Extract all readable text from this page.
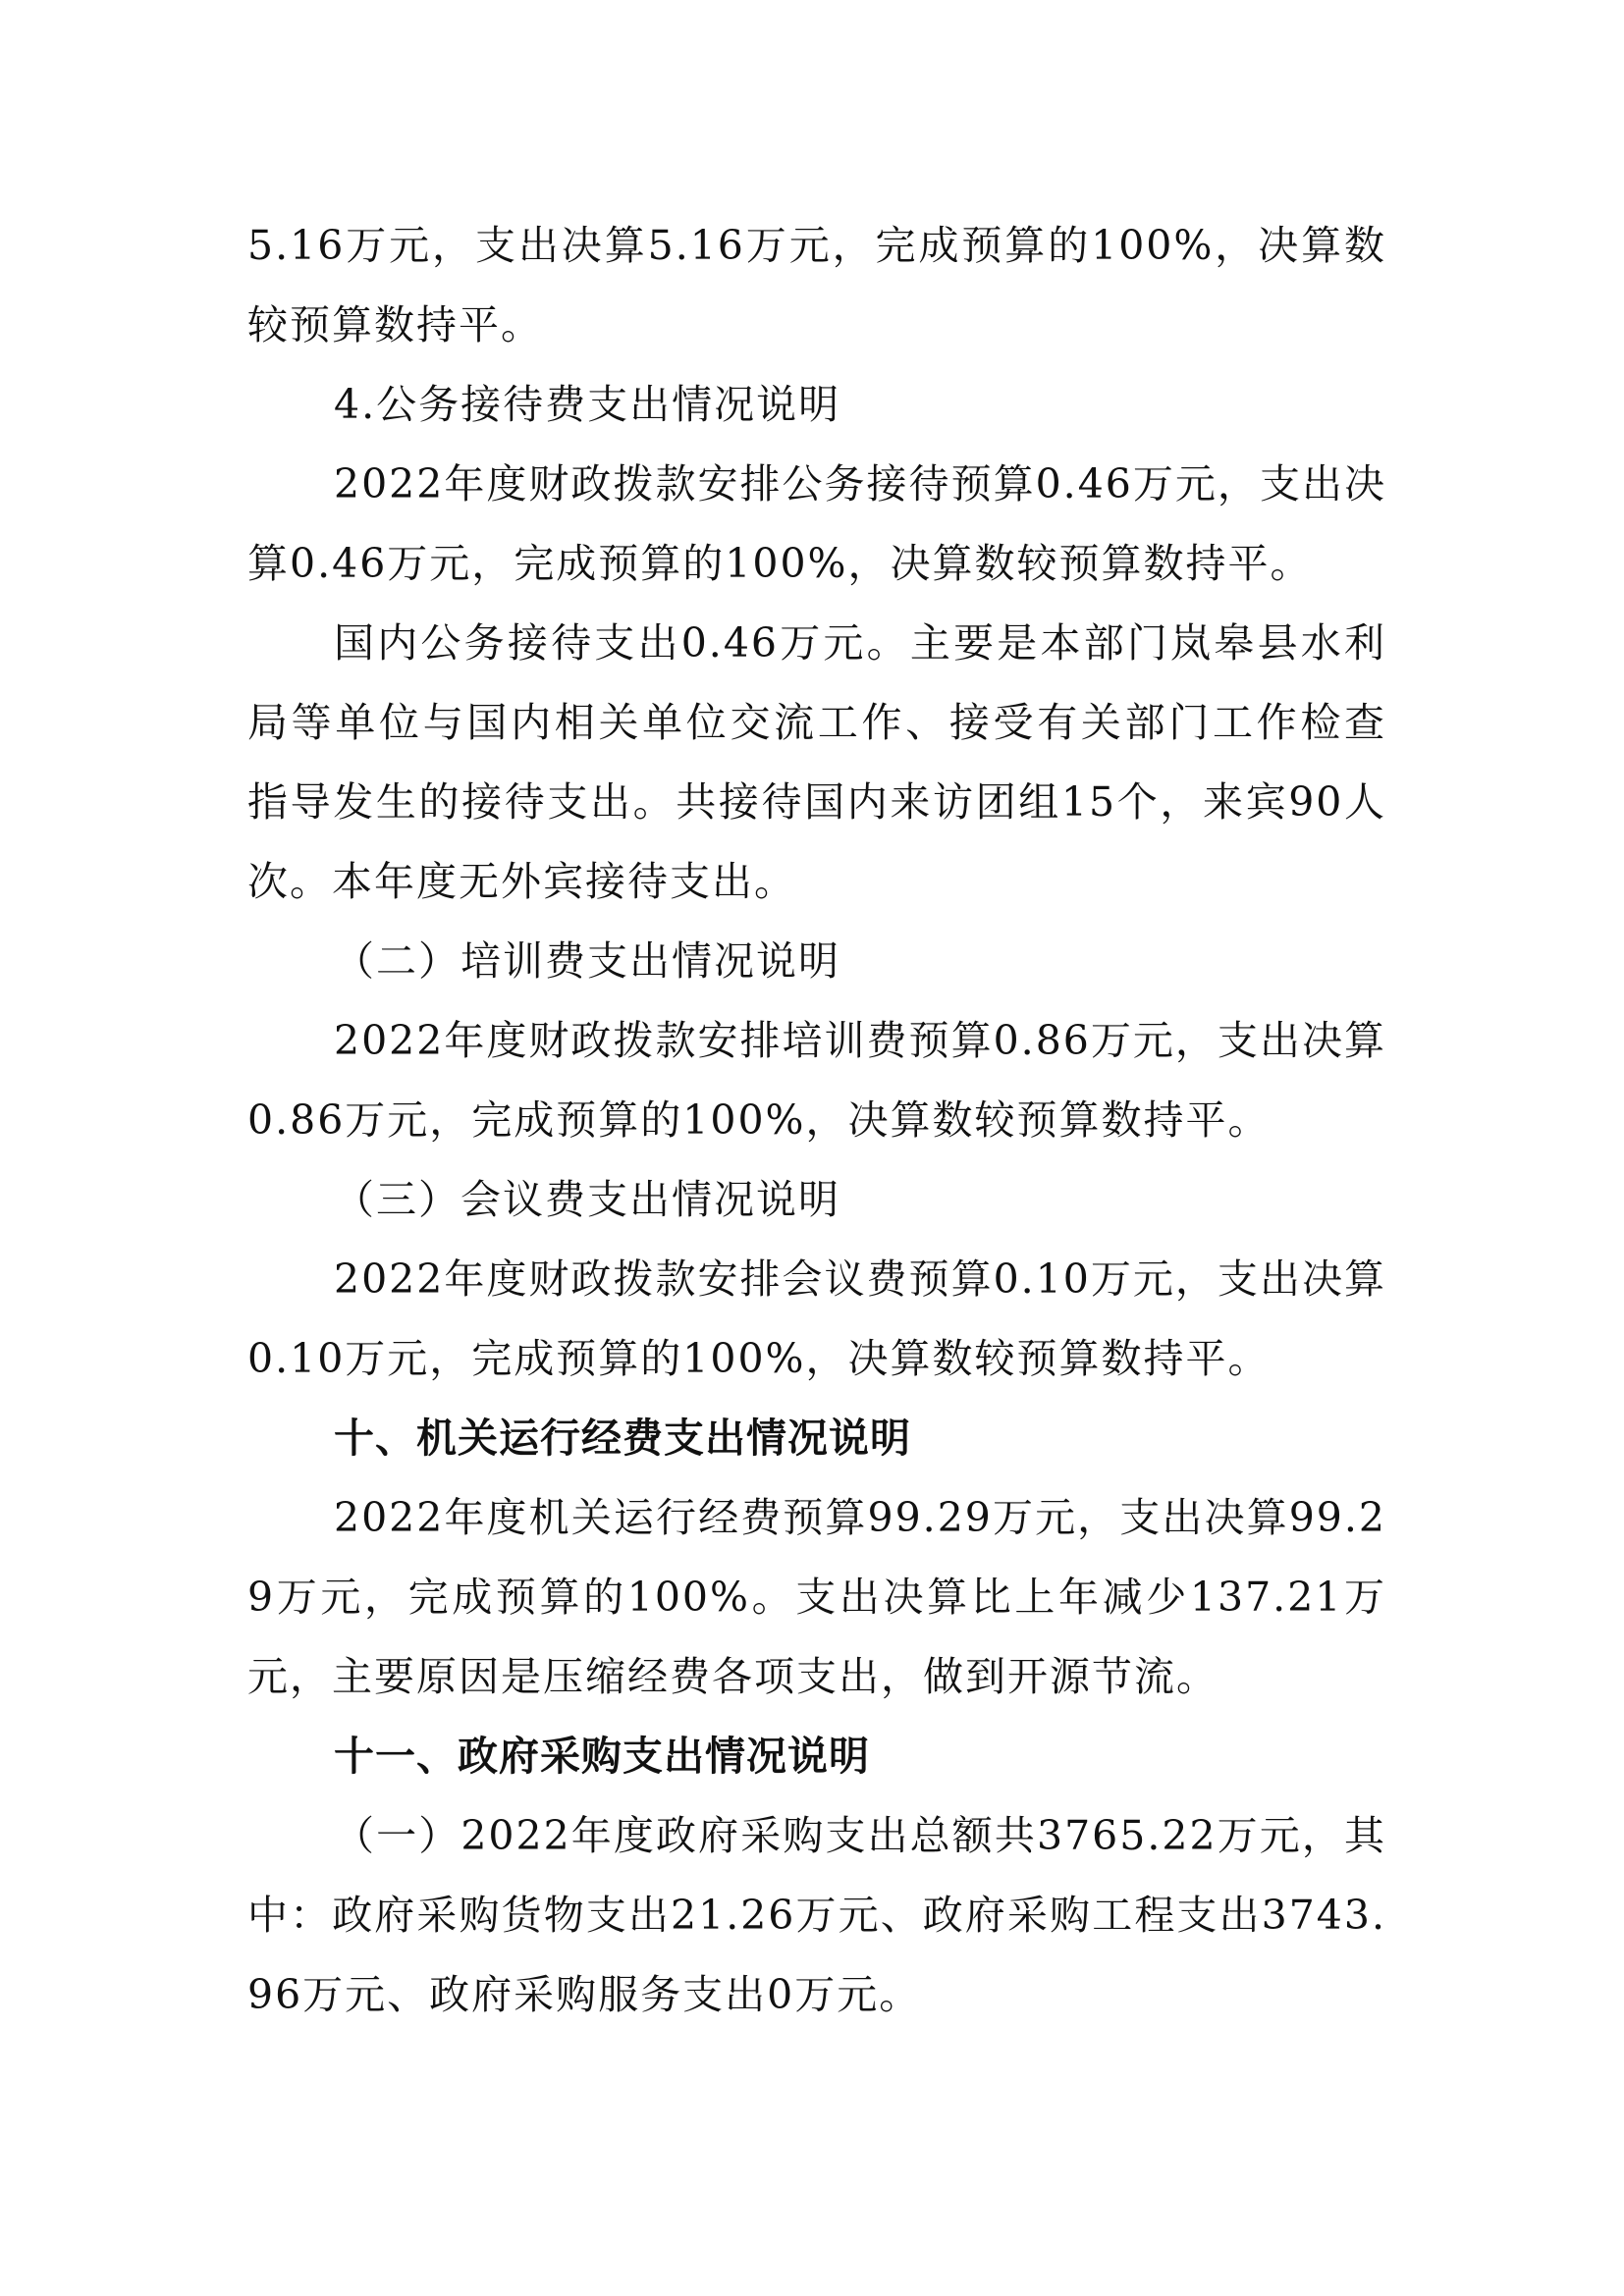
5.16万元，支出决算5.16万元，完成预算的100%，决算数较预算数持平。

4.公务接待费支出情况说明

2022年度财政拨款安排公务接待预算0.46万元，支出决算0.46万元，完成预算的100%，决算数较预算数持平。

国内公务接待支出0.46万元。主要是本部门岚皋县水利局等单位与国内相关单位交流工作、接受有关部门工作检查指导发生的接待支出。共接待国内来访团组15个，来宾90人次。本年度无外宾接待支出。

（二）培训费支出情况说明

2022年度财政拨款安排培训费预算0.86万元，支出决算0.86万元，完成预算的100%，决算数较预算数持平。

（三）会议费支出情况说明

2022年度财政拨款安排会议费预算0.10万元，支出决算0.10万元，完成预算的100%，决算数较预算数持平。

十、机关运行经费支出情况说明

2022年度机关运行经费预算99.29万元，支出决算99.29万元，完成预算的100%。支出决算比上年减少137.21万元，主要原因是压缩经费各项支出，做到开源节流。

十一、政府采购支出情况说明

（一）2022年度政府采购支出总额共3765.22万元，其中：政府采购货物支出21.26万元、政府采购工程支出3743.96万元、政府采购服务支出0万元。
